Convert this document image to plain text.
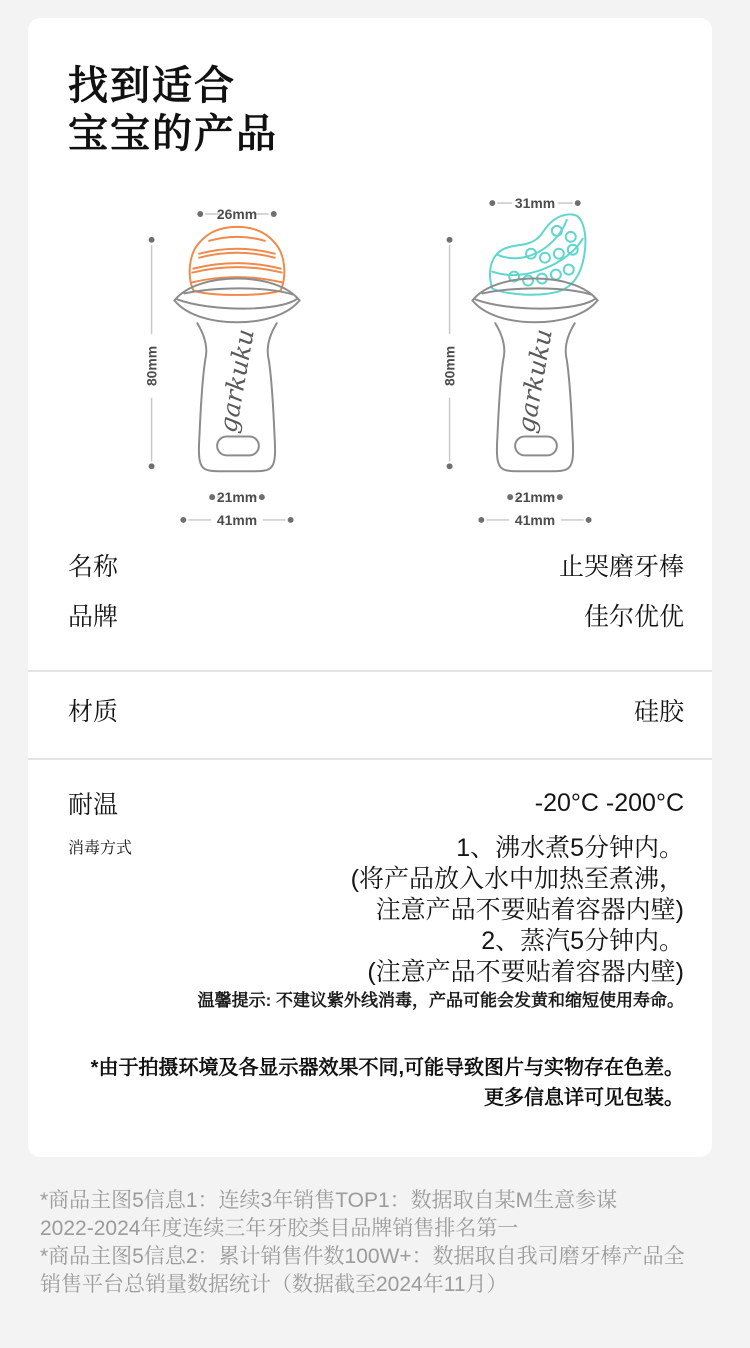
找到适合
宝宝的产品
garkuku
26mm
80mm
21mm
41mm
garkuku
31mm
80mm
21mm
41mm
名称	止哭磨牙棒
品牌	佳尔优优
材质	硅胶
耐温	-20°C -200°C
消毒方式	1、沸水煮5分钟内。
(将产品放入水中加热至煮沸，
注意产品不要贴着容器内壁)
2、蒸汽5分钟内。
(注意产品不要贴着容器内壁)
温馨提示: 不建议紫外线消毒，产品可能会发黄和缩短使用寿命。
*由于拍摄环境及各显示器效果不同,可能导致图片与实物存在色差。
更多信息详可见包装。
*商品主图5信息1：连续3年销售TOP1：数据取自某M生意参谋
2022-2024年度连续三年牙胶类目品牌销售排名第一
*商品主图5信息2：累计销售件数100W+：数据取自我司磨牙棒产品全
销售平台总销量数据统计（数据截至2024年11月）
